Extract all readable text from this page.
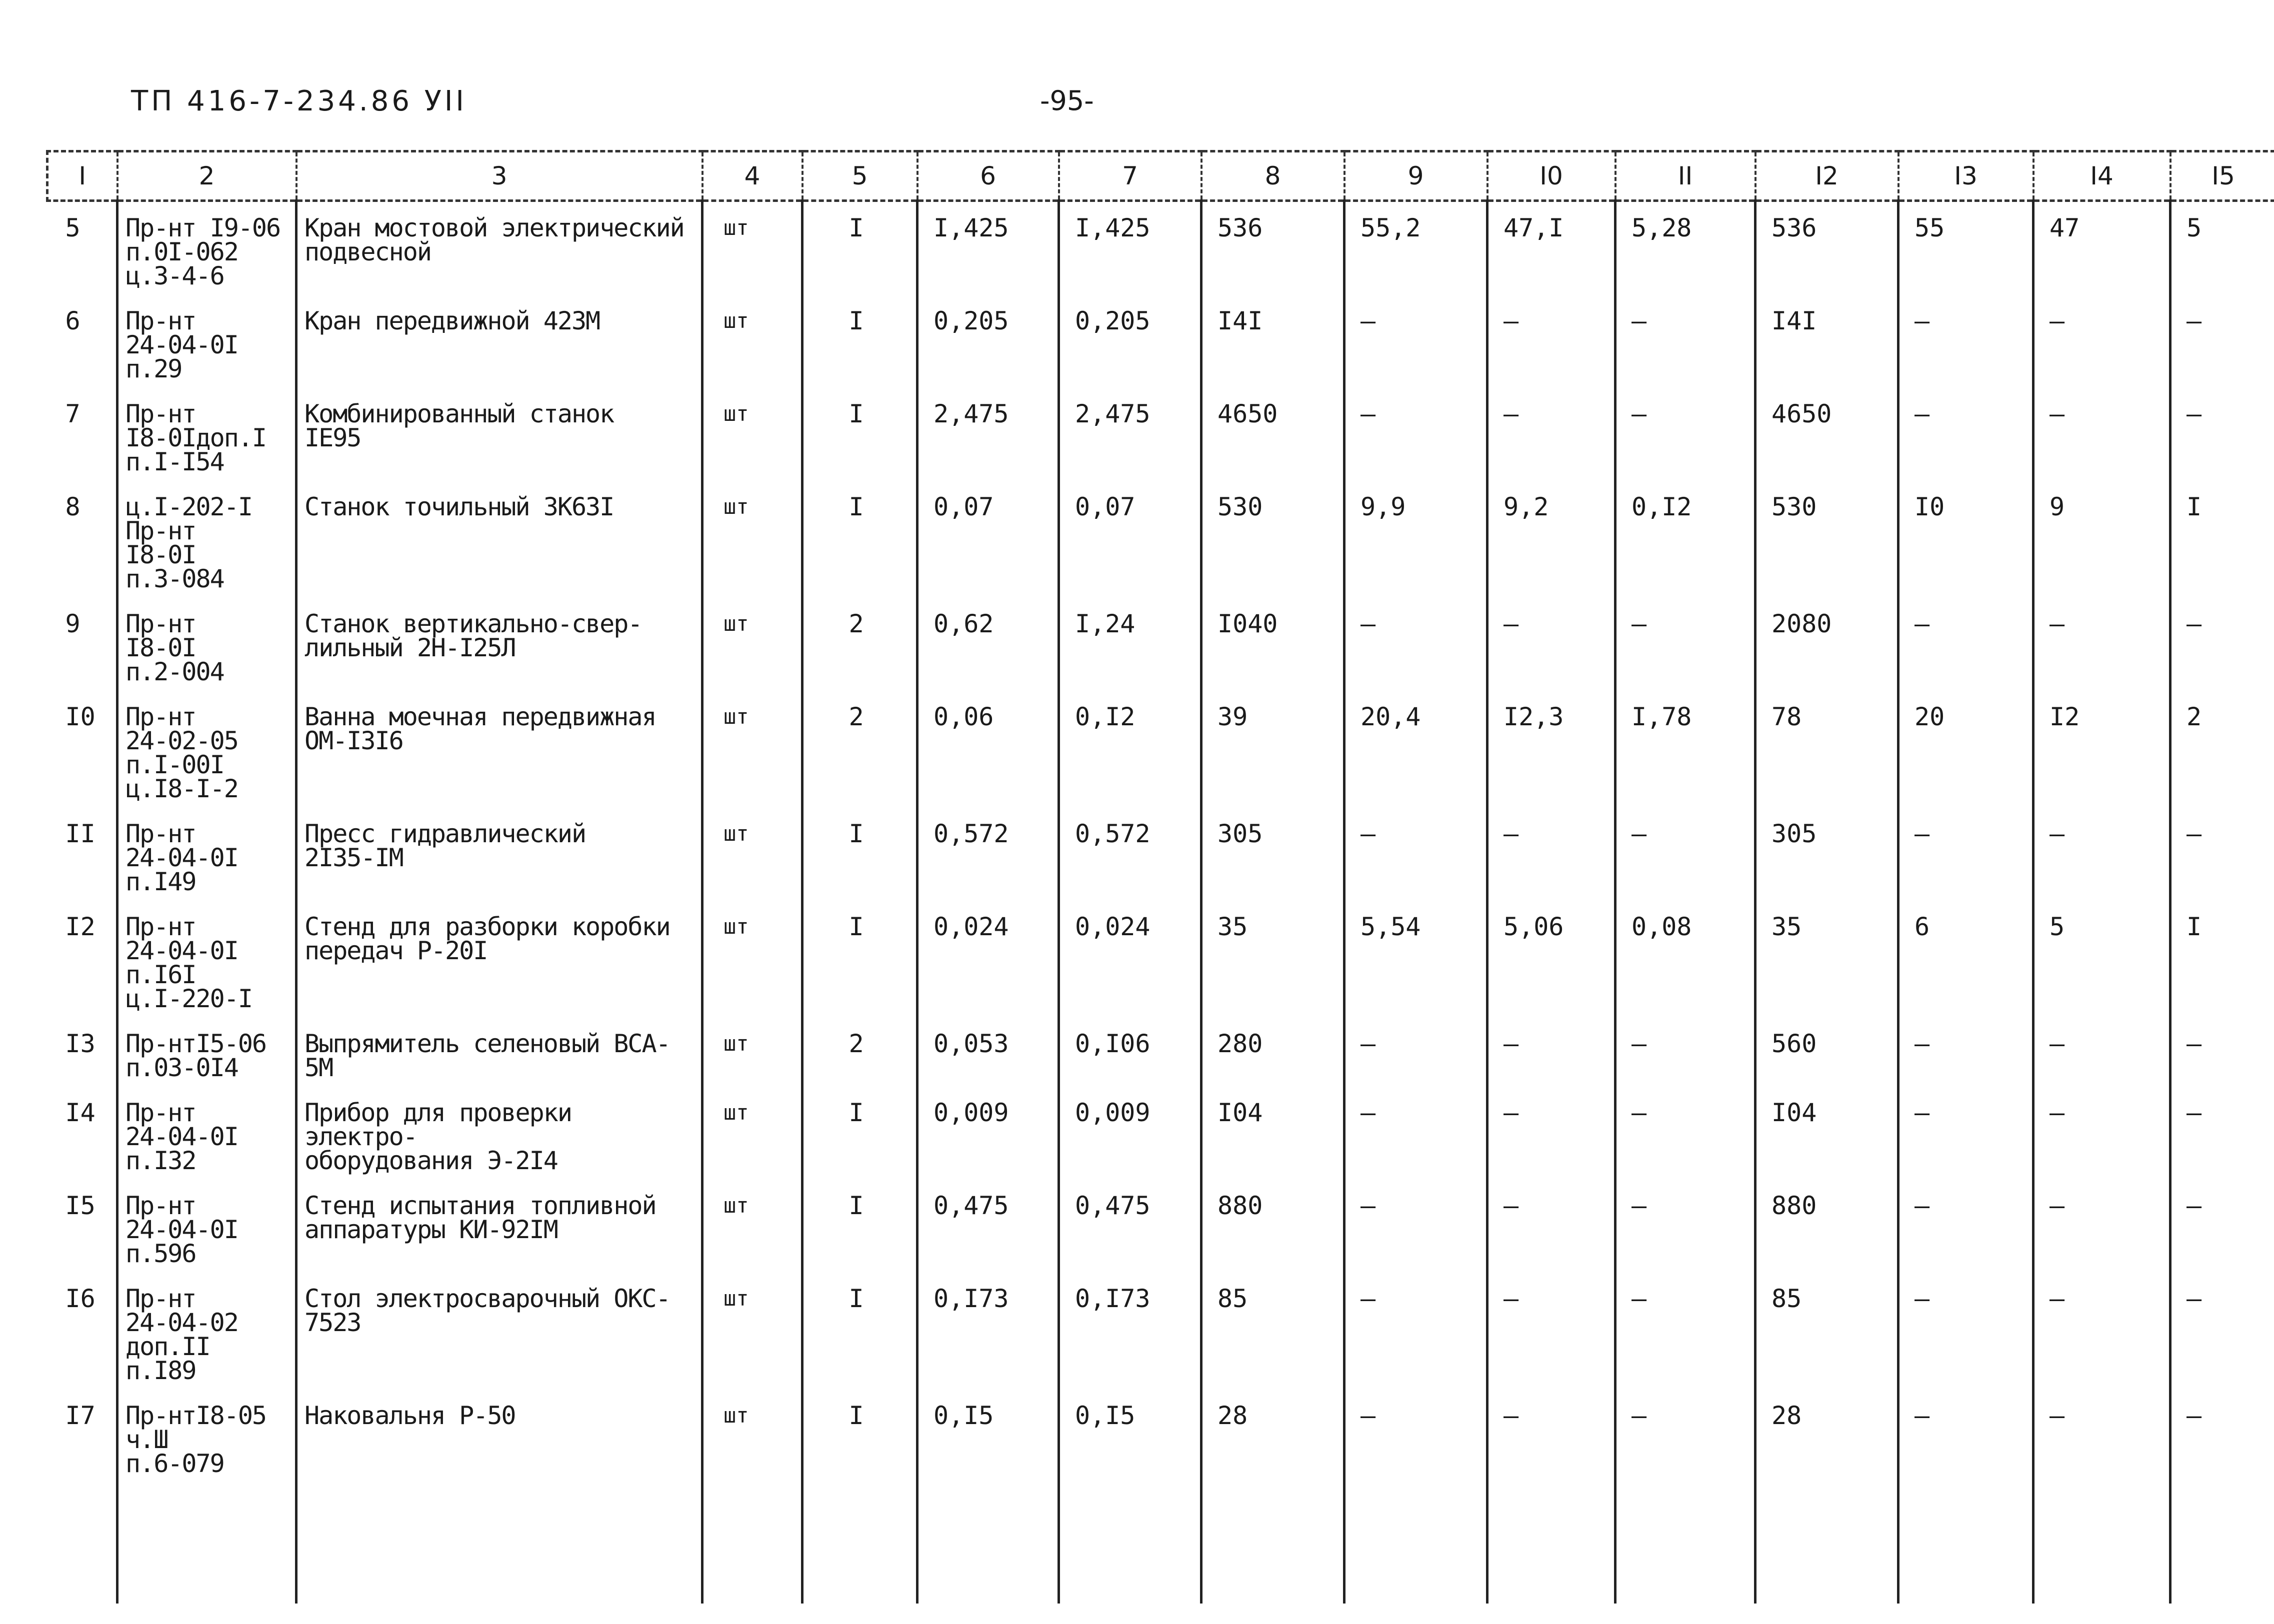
ТП 416-7-234.86 УII	-95-
I	2	3	4	5	6	7	8	9	I0	II	I2	I3	I4	I5
5	Пр-нт I9-06
п.0I-062
ц.3-4-6	Кран мостовой электрический
подвесной	шт	I	I,425	I,425	536	55,2	47,I	5,28	536	55	47	5
6	Пр-нт
24-04-0I
п.29	Кран передвижной 423М	шт	I	0,205	0,205	I4I	–	–	–	I4I	–	–	–
7	Пр-нт
I8-0Iдоп.I
п.I-I54	Комбинированный станок
IE95	шт	I	2,475	2,475	4650	–	–	–	4650	–	–	–
8	ц.I-202-I
Пр-нт
I8-0I
п.3-084	Станок точильный ЗК63I	шт	I	0,07	0,07	530	9,9	9,2	0,I2	530	I0	9	I
9	Пр-нт
I8-0I
п.2-004	Станок вертикально-свер-
лильный 2Н-I25Л	шт	2	0,62	I,24	I040	–	–	–	2080	–	–	–
I0	Пр-нт
24-02-05
п.I-00I
ц.I8-I-2	Ванна моечная передвижная
ОМ-I3I6	шт	2	0,06	0,I2	39	20,4	I2,3	I,78	78	20	I2	2
II	Пр-нт
24-04-0I
п.I49	Пресс гидравлический
2I35-IМ	шт	I	0,572	0,572	305	–	–	–	305	–	–	–
I2	Пр-нт
24-04-0I
п.I6I
ц.I-220-I	Стенд для разборки коробки
передач Р-20I	шт	I	0,024	0,024	35	5,54	5,06	0,08	35	6	5	I
I3	Пр-нтI5-06
п.03-0I4	Выпрямитель селеновый ВСА-
5М	шт	2	0,053	0,I06	280	–	–	–	560	–	–	–
I4	Пр-нт
24-04-0I
п.I32	Прибор для проверки электро-
оборудования Э-2I4	шт	I	0,009	0,009	I04	–	–	–	I04	–	–	–
I5	Пр-нт
24-04-0I
п.596	Стенд испытания топливной
аппаратуры КИ-92IМ	шт	I	0,475	0,475	880	–	–	–	880	–	–	–
I6	Пр-нт
24-04-02
доп.II
п.I89	Стол электросварочный ОКС-
7523	шт	I	0,I73	0,I73	85	–	–	–	85	–	–	–
I7	Пр-нтI8-05
ч.Ш
п.6-079	Наковальня Р-50	шт	I	0,I5	0,I5	28	–	–	–	28	–	–	–
